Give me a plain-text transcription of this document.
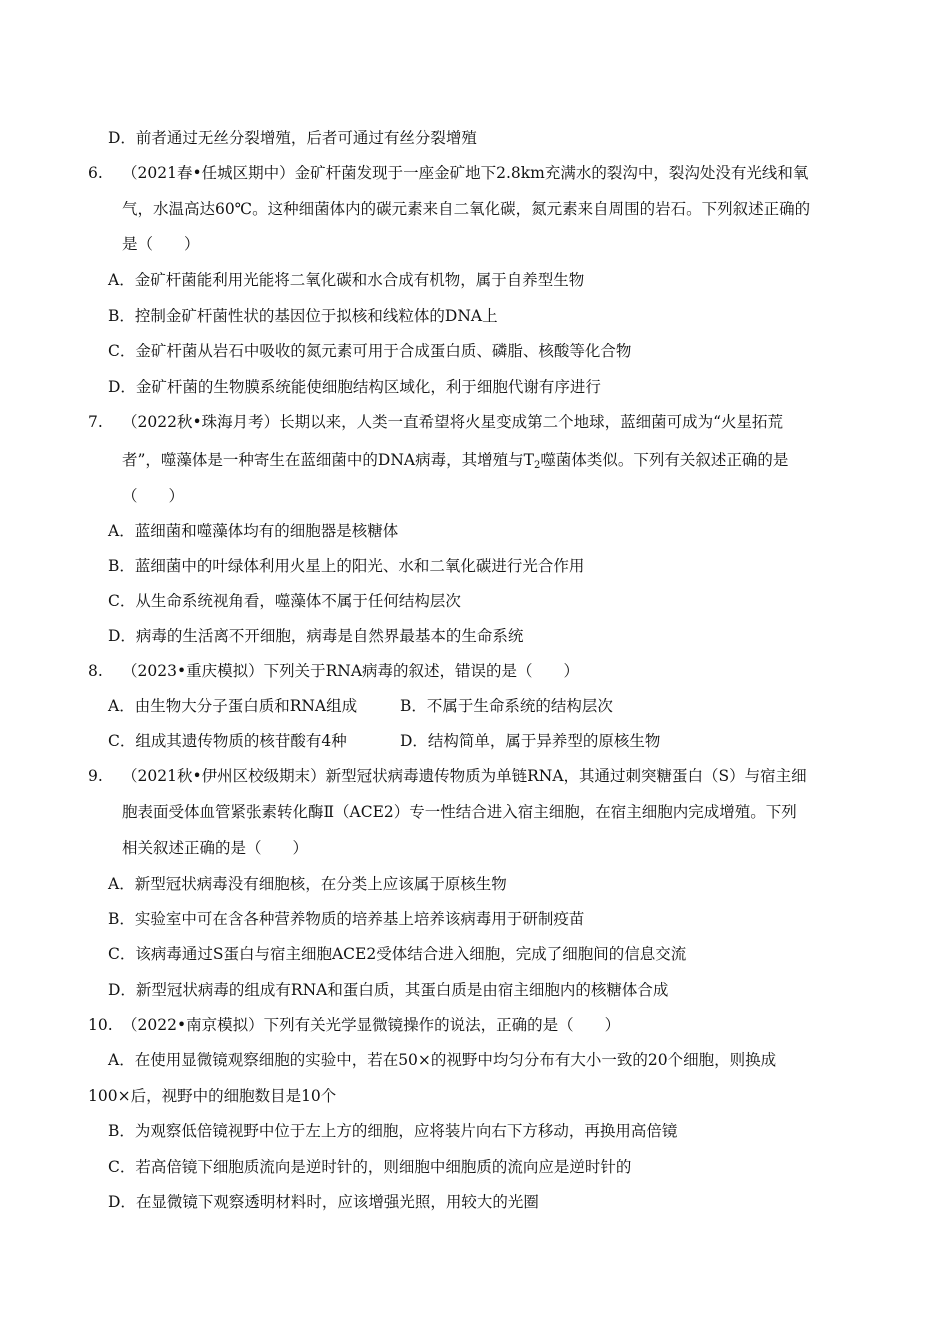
D．前者通过无丝分裂增殖，后者可通过有丝分裂增殖
6. （2021春•任城区期中）金矿杆菌发现于一座金矿地下2.8km充满水的裂沟中，裂沟处没有光线和氧
气，水温高达60℃。这种细菌体内的碳元素来自二氧化碳，氮元素来自周围的岩石。下列叙述正确的
是（　　）
A．金矿杆菌能利用光能将二氧化碳和水合成有机物，属于自养型生物
B．控制金矿杆菌性状的基因位于拟核和线粒体的DNA上
C．金矿杆菌从岩石中吸收的氮元素可用于合成蛋白质、磷脂、核酸等化合物
D．金矿杆菌的生物膜系统能使细胞结构区域化，利于细胞代谢有序进行
7. （2022秋•珠海月考）长期以来，人类一直希望将火星变成第二个地球，蓝细菌可成为“火星拓荒
者”，噬藻体是一种寄生在蓝细菌中的DNA病毒，其增殖与$T_2$噬菌体类似。下列有关叙述正确的是
（　　）
A．蓝细菌和噬藻体均有的细胞器是核糖体
B．蓝细菌中的叶绿体利用火星上的阳光、水和二氧化碳进行光合作用
C．从生命系统视角看，噬藻体不属于任何结构层次
D．病毒的生活离不开细胞，病毒是自然界最基本的生命系统
8. （2023•重庆模拟）下列关于RNA病毒的叙述，错误的是（　　）
A．由生物大分子蛋白质和RNA组成	B．不属于生命系统的结构层次
C．组成其遗传物质的核苷酸有4种	D．结构简单，属于异养型的原核生物
9. （2021秋•伊州区校级期末）新型冠状病毒遗传物质为单链RNA，其通过刺突糖蛋白（S）与宿主细
胞表面受体血管紧张素转化酶Ⅱ（ACE2）专一性结合进入宿主细胞，在宿主细胞内完成增殖。下列
相关叙述正确的是（　　）
A．新型冠状病毒没有细胞核，在分类上应该属于原核生物
B．实验室中可在含各种营养物质的培养基上培养该病毒用于研制疫苗
C．该病毒通过S蛋白与宿主细胞ACE2受体结合进入细胞，完成了细胞间的信息交流
D．新型冠状病毒的组成有RNA和蛋白质，其蛋白质是由宿主细胞内的核糖体合成
10. （2022•南京模拟）下列有关光学显微镜操作的说法，正确的是（　　）
A．在使用显微镜观察细胞的实验中，若在50×的视野中均匀分布有大小一致的20个细胞，则换成
100×后，视野中的细胞数目是10个
B．为观察低倍镜视野中位于左上方的细胞，应将装片向右下方移动，再换用高倍镜
C．若高倍镜下细胞质流向是逆时针的，则细胞中细胞质的流向应是逆时针的
D．在显微镜下观察透明材料时，应该增强光照，用较大的光圈
